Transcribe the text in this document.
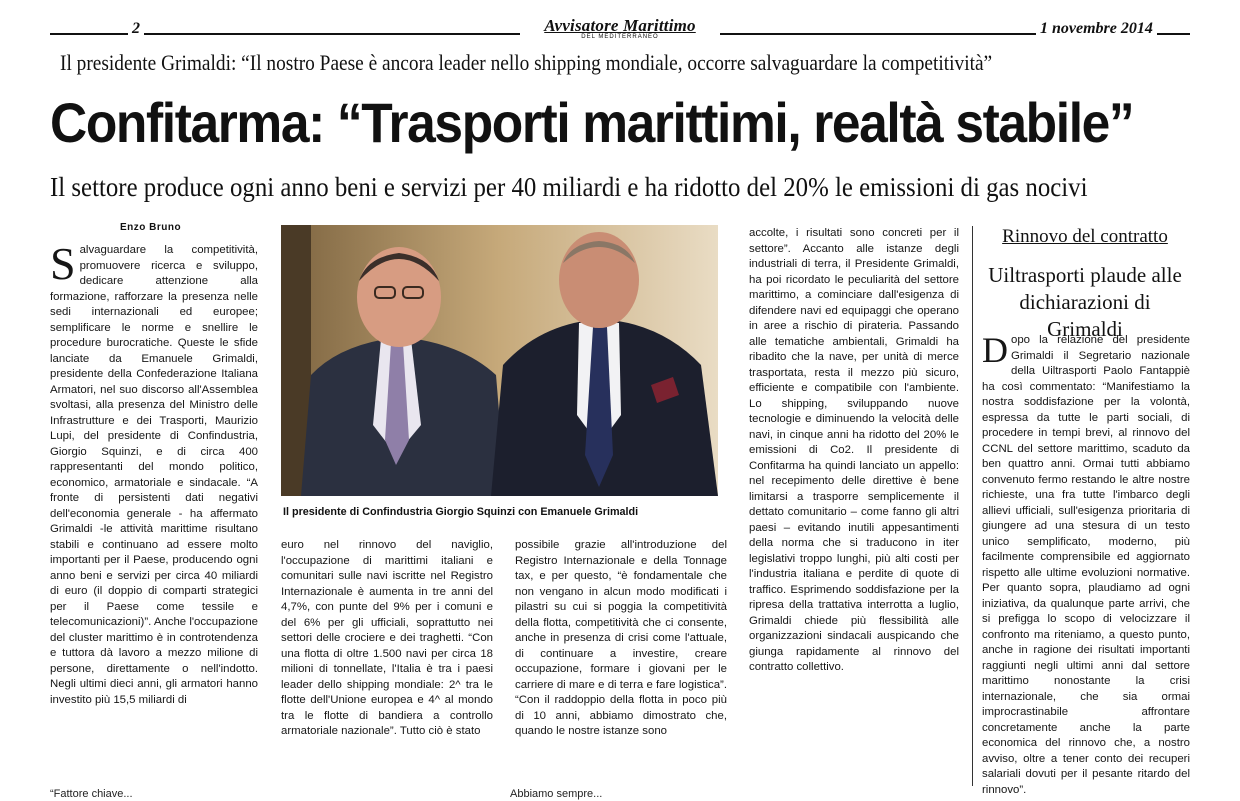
2	Avvisatore Marittimo
DEL MEDITERRANEO	1 novembre 2014
Il presidente Grimaldi: “Il nostro Paese è ancora leader nello shipping mondiale, occorre salvaguardare la competitività”
Confitarma: “Trasporti marittimi, realtà stabile”
Il settore produce ogni anno beni e servizi per 40 miliardi e ha ridotto del 20% le emissioni di gas nocivi
Enzo Bruno

Salvaguardare la competitività, promuovere ricerca e sviluppo, dedicare attenzione alla formazione, rafforzare la presenza nelle sedi internazionali ed europee; semplificare le norme e snellire le procedure burocratiche. Queste le sfide lanciate da Emanuele Grimaldi, presidente della Confederazione Italiana Armatori, nel suo discorso all'Assemblea svoltasi, alla presenza del Ministro delle Infrastrutture e dei Trasporti, Maurizio Lupi, del presidente di Confindustria, Giorgio Squinzi, e di circa 400 rappresentanti del mondo politico, economico, armatoriale e sindacale. “A fronte di persistenti dati negativi dell'economia generale - ha affermato Grimaldi -le attività marittime risultano stabili e continuano ad essere molto importanti per il Paese, producendo ogni anno beni e servizi per circa 40 miliardi di euro (il doppio di comparti strategici per il Paese come tessile e telecomunicazioni)”. Anche l'occupazione del cluster marittimo è in controtendenza e tuttora dà lavoro a mezzo milione di persone, direttamente o nell'indotto. Negli ultimi dieci anni, gli armatori hanno investito più 15,5 miliardi di

Il presidente di Confindustria Giorgio Squinzi con Emanuele Grimaldi

euro nel rinnovo del naviglio, l'occupazione di marittimi italiani e comunitari sulle navi iscritte nel Registro Internazionale è aumenta in tre anni del 4,7%, con punte del 9% per i comuni e del 6% per gli ufficiali, soprattutto nei settori delle crociere e dei traghetti. “Con una flotta di oltre 1.500 navi per circa 18 milioni di tonnellate, l'Italia è tra i paesi leader dello shipping mondiale: 2^ tra le flotte dell'Unione europea e 4^ al mondo tra le flotte di bandiera a controllo armatoriale nazionale”. Tutto ciò è stato

possibile grazie all'introduzione del Registro Internazionale e della Tonnage tax, e per questo, “è fondamentale che non vengano in alcun modo modificati i pilastri su cui si poggia la competitività della flotta, competitività che ci consente, anche in presenza di crisi come l'attuale, di continuare a investire, creare occupazione, formare i giovani per le carriere di mare e di terra e fare logistica”. “Con il raddoppio della flotta in poco più di 10 anni, abbiamo dimostrato che, quando le nostre istanze sono

accolte, i risultati sono concreti per il settore”. Accanto alle istanze degli industriali di terra, il Presidente Grimaldi, ha poi ricordato le peculiarità del settore marittimo, a cominciare dall'esigenza di difendere navi ed equipaggi che operano in aree a rischio di pirateria. Passando alle tematiche ambientali, Grimaldi ha ribadito che la nave, per unità di merce trasportata, resta il mezzo più sicuro, efficiente e compatibile con l'ambiente. Lo shipping, sviluppando nuove tecnologie e diminuendo la velocità delle navi, in cinque anni ha ridotto del 20% le emissioni di Co2. Il presidente di Confitarma ha quindi lanciato un appello: nel recepimento delle direttive è bene limitarsi a trasporre semplicemente il dettato comunitario – come fanno gli altri paesi – evitando inutili appesantimenti della norma che si traducono in iter legislativi troppo lunghi, più alti costi per l'industria italiana e perdite di quote di traffico. Esprimendo soddisfazione per la ripresa della trattativa interrotta a luglio, Grimaldi chiede più flessibilità alle organizzazioni sindacali auspicando che giunga rapidamente al rinnovo del contratto collettivo.

Rinnovo del contratto
Uiltrasporti plaude alle dichiarazioni di Grimaldi

Dopo la relazione del presidente Grimaldi il Segretario nazionale della Uiltrasporti Paolo Fantappiè ha così commentato: “Manifestiamo la nostra soddisfazione per la volontà, espressa da tutte le parti sociali, di procedere in tempi brevi, al rinnovo del CCNL del settore marittimo, scaduto da ben quattro anni. Ormai tutti abbiamo convenuto fermo restando le altre nostre richieste, una fra tutte l'imbarco degli allievi ufficiali, sull'esigenza prioritaria di giungere ad una stesura di un testo unico semplificato, moderno, più facilmente comprensibile ed aggiornato rispetto alle ultime evoluzioni normative. Per quanto sopra, plaudiamo ad ogni iniziativa, da qualunque parte arrivi, che si prefigga lo scopo di velocizzare il confronto ma riteniamo, a questo punto, anche in ragione dei risultati importanti raggiunti negli ultimi anni dal settore marittimo nonostante la crisi internazionale, che sia ormai improcrastinabile affrontare concretamente anche la parte economica del rinnovo che, a nostro avviso, oltre a tener conto dei recuperi salariali dovuti per il pesante ritardo del rinnovo”.

“Fattore chiave...	Abbiamo sempre...
